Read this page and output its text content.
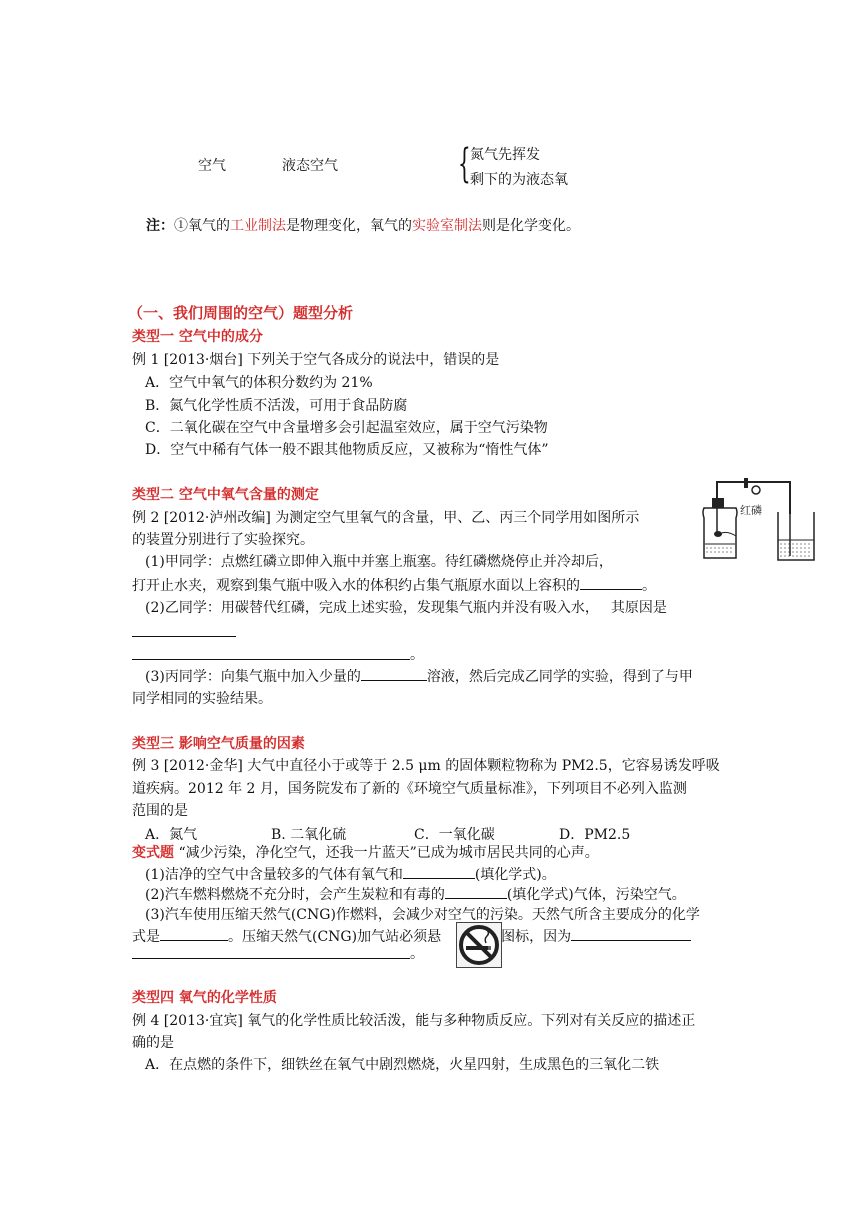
空气	液态空气	{ 氮气先挥发
剩下的为液态氧
注：①氧气的工业制法是物理变化，氧气的实验室制法则是化学变化。
（一、我们周围的空气）题型分析
类型一 空气中的成分
例 1 [2013·烟台] 下列关于空气各成分的说法中，错误的是
A．空气中氧气的体积分数约为 21%
B．氮气化学性质不活泼，可用于食品防腐
C．二氧化碳在空气中含量增多会引起温室效应，属于空气污染物
D．空气中稀有气体一般不跟其他物质反应，又被称为“惰性气体”
类型二 空气中氧气含量的测定
例 2 [2012·泸州改编] 为测定空气里氧气的含量，甲、乙、丙三个同学用如图所示
的装置分别进行了实验探究。
(1)甲同学：点燃红磷立即伸入瓶中并塞上瓶塞。待红磷燃烧停止并冷却后，
打开止水夹，观察到集气瓶中吸入水的体积约占集气瓶原水面以上容积的	。
(2)乙同学：用碳替代红磷，完成上述实验，发现集气瓶内并没有吸入水， 其原因是
。
(3)丙同学：向集气瓶中加入少量的	溶液，然后完成乙同学的实验，得到了与甲
同学相同的实验结果。
红磷
类型三 影响空气质量的因素
例 3 [2012·金华] 大气中直径小于或等于 2.5 μm 的固体颗粒物称为 PM2.5，它容易诱发呼吸
道疾病。2012 年 2 月，国务院发布了新的《环境空气质量标准》，下列项目不必列入监测
范围的是
A．氮气	B. 二氧化硫	C．一氧化碳	D．PM2.5
变式题 “减少污染，净化空气，还我一片蓝天”已成为城市居民共同的心声。
(1)洁净的空气中含量较多的气体有氧气和	(填化学式)。
(2)汽车燃料燃烧不充分时，会产生炭粒和有毒的	(填化学式)气体，污染空气。
(3)汽车使用压缩天然气(CNG)作燃料，会减少对空气的污染。天然气所含主要成分的化学
式是	。压缩天然气(CNG)加气站必须悬	图标，因为
。
类型四 氧气的化学性质
例 4 [2013·宜宾] 氧气的化学性质比较活泼，能与多种物质反应。下列对有关反应的描述正
确的是
A．在点燃的条件下，细铁丝在氧气中剧烈燃烧，火星四射，生成黑色的三氧化二铁
